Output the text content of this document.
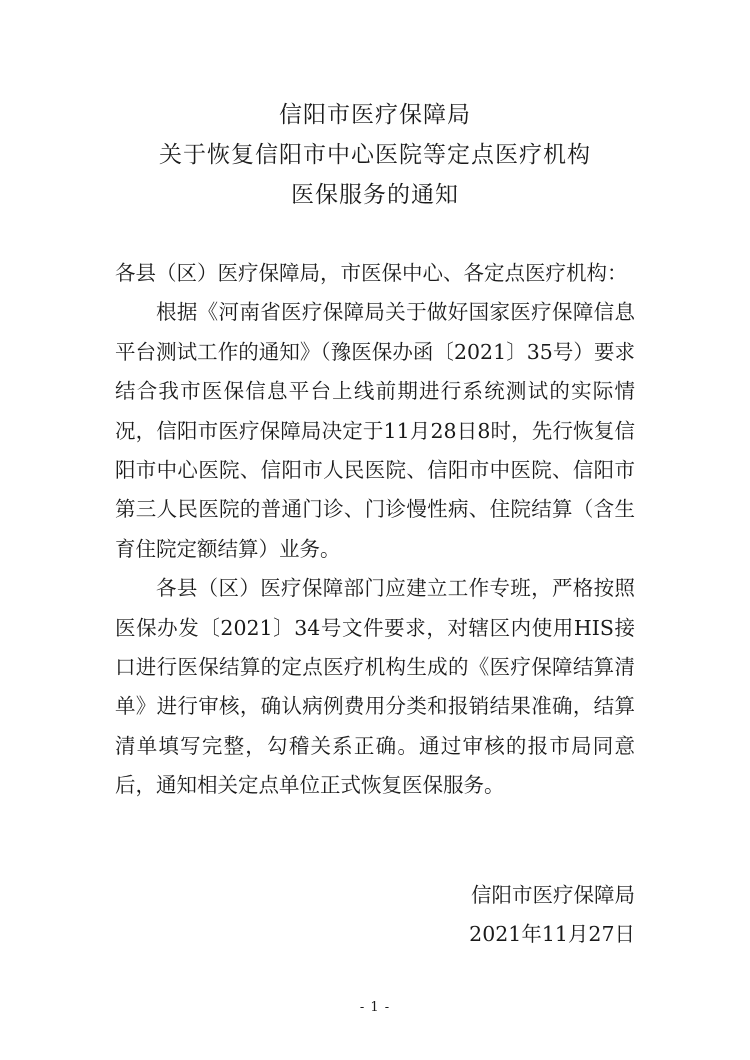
信阳市医疗保障局
关于恢复信阳市中心医院等定点医疗机构
医保服务的通知

各县（区）医疗保障局，市医保中心、各定点医疗机构：

根据《河南省医疗保障局关于做好国家医疗保障信息平台测试工作的通知》（豫医保办函〔2021〕35号）要求结合我市医保信息平台上线前期进行系统测试的实际情况，信阳市医疗保障局决定于11月28日8时，先行恢复信阳市中心医院、信阳市人民医院、信阳市中医院、信阳市第三人民医院的普通门诊、门诊慢性病、住院结算（含生育住院定额结算）业务。

各县（区）医疗保障部门应建立工作专班，严格按照医保办发〔2021〕34号文件要求，对辖区内使用HIS接口进行医保结算的定点医疗机构生成的《医疗保障结算清单》进行审核，确认病例费用分类和报销结果准确，结算清单填写完整，勾稽关系正确。通过审核的报市局同意后，通知相关定点单位正式恢复医保服务。

信阳市医疗保障局
2021年11月27日
- 1 -
